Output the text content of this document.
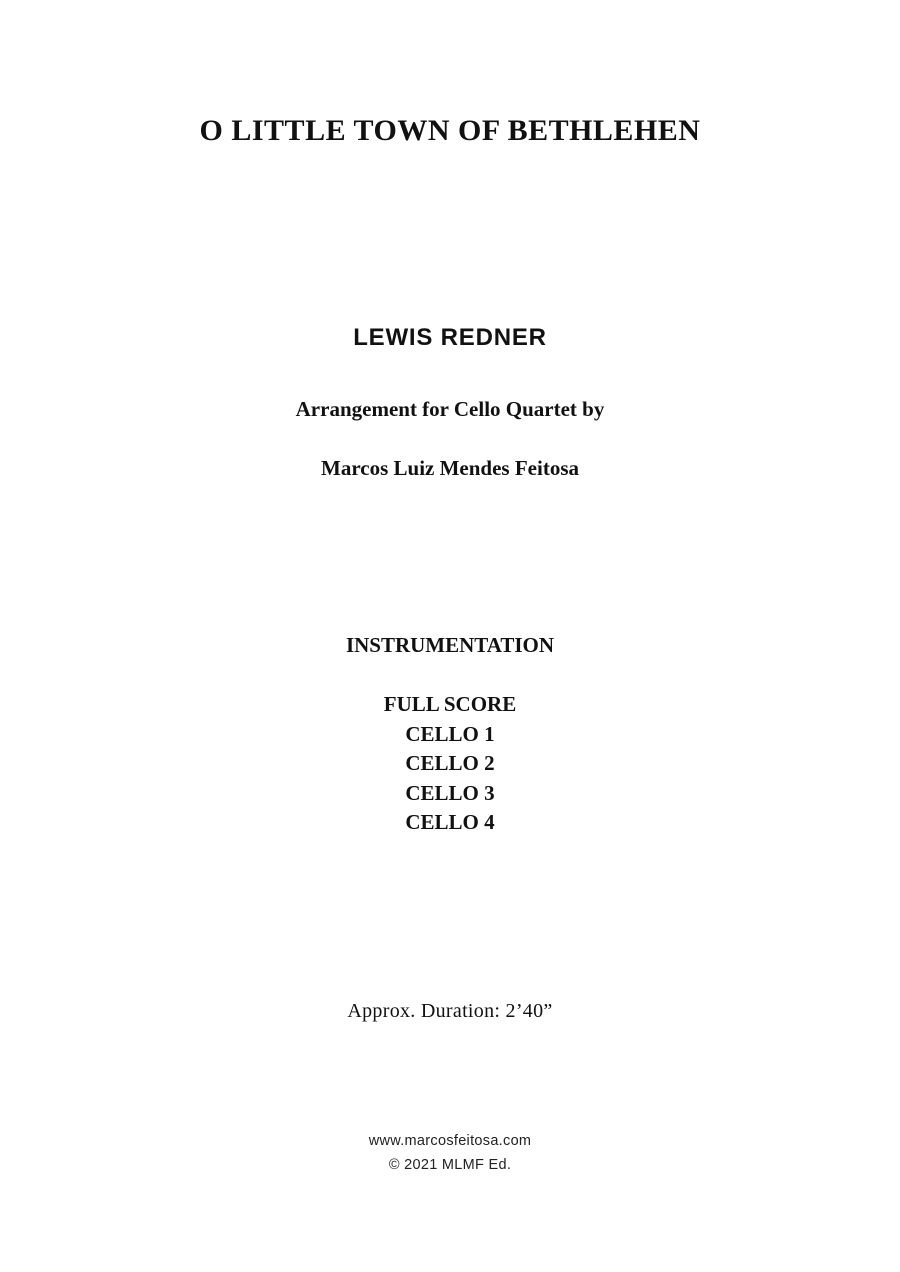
O LITTLE TOWN OF BETHLEHEN
LEWIS REDNER
Arrangement for Cello Quartet by
Marcos Luiz Mendes Feitosa
INSTRUMENTATION
FULL SCORE
CELLO 1
CELLO 2
CELLO 3
CELLO 4
Approx. Duration: 2’40”
www.marcosfeitosa.com
© 2021 MLMF Ed.
